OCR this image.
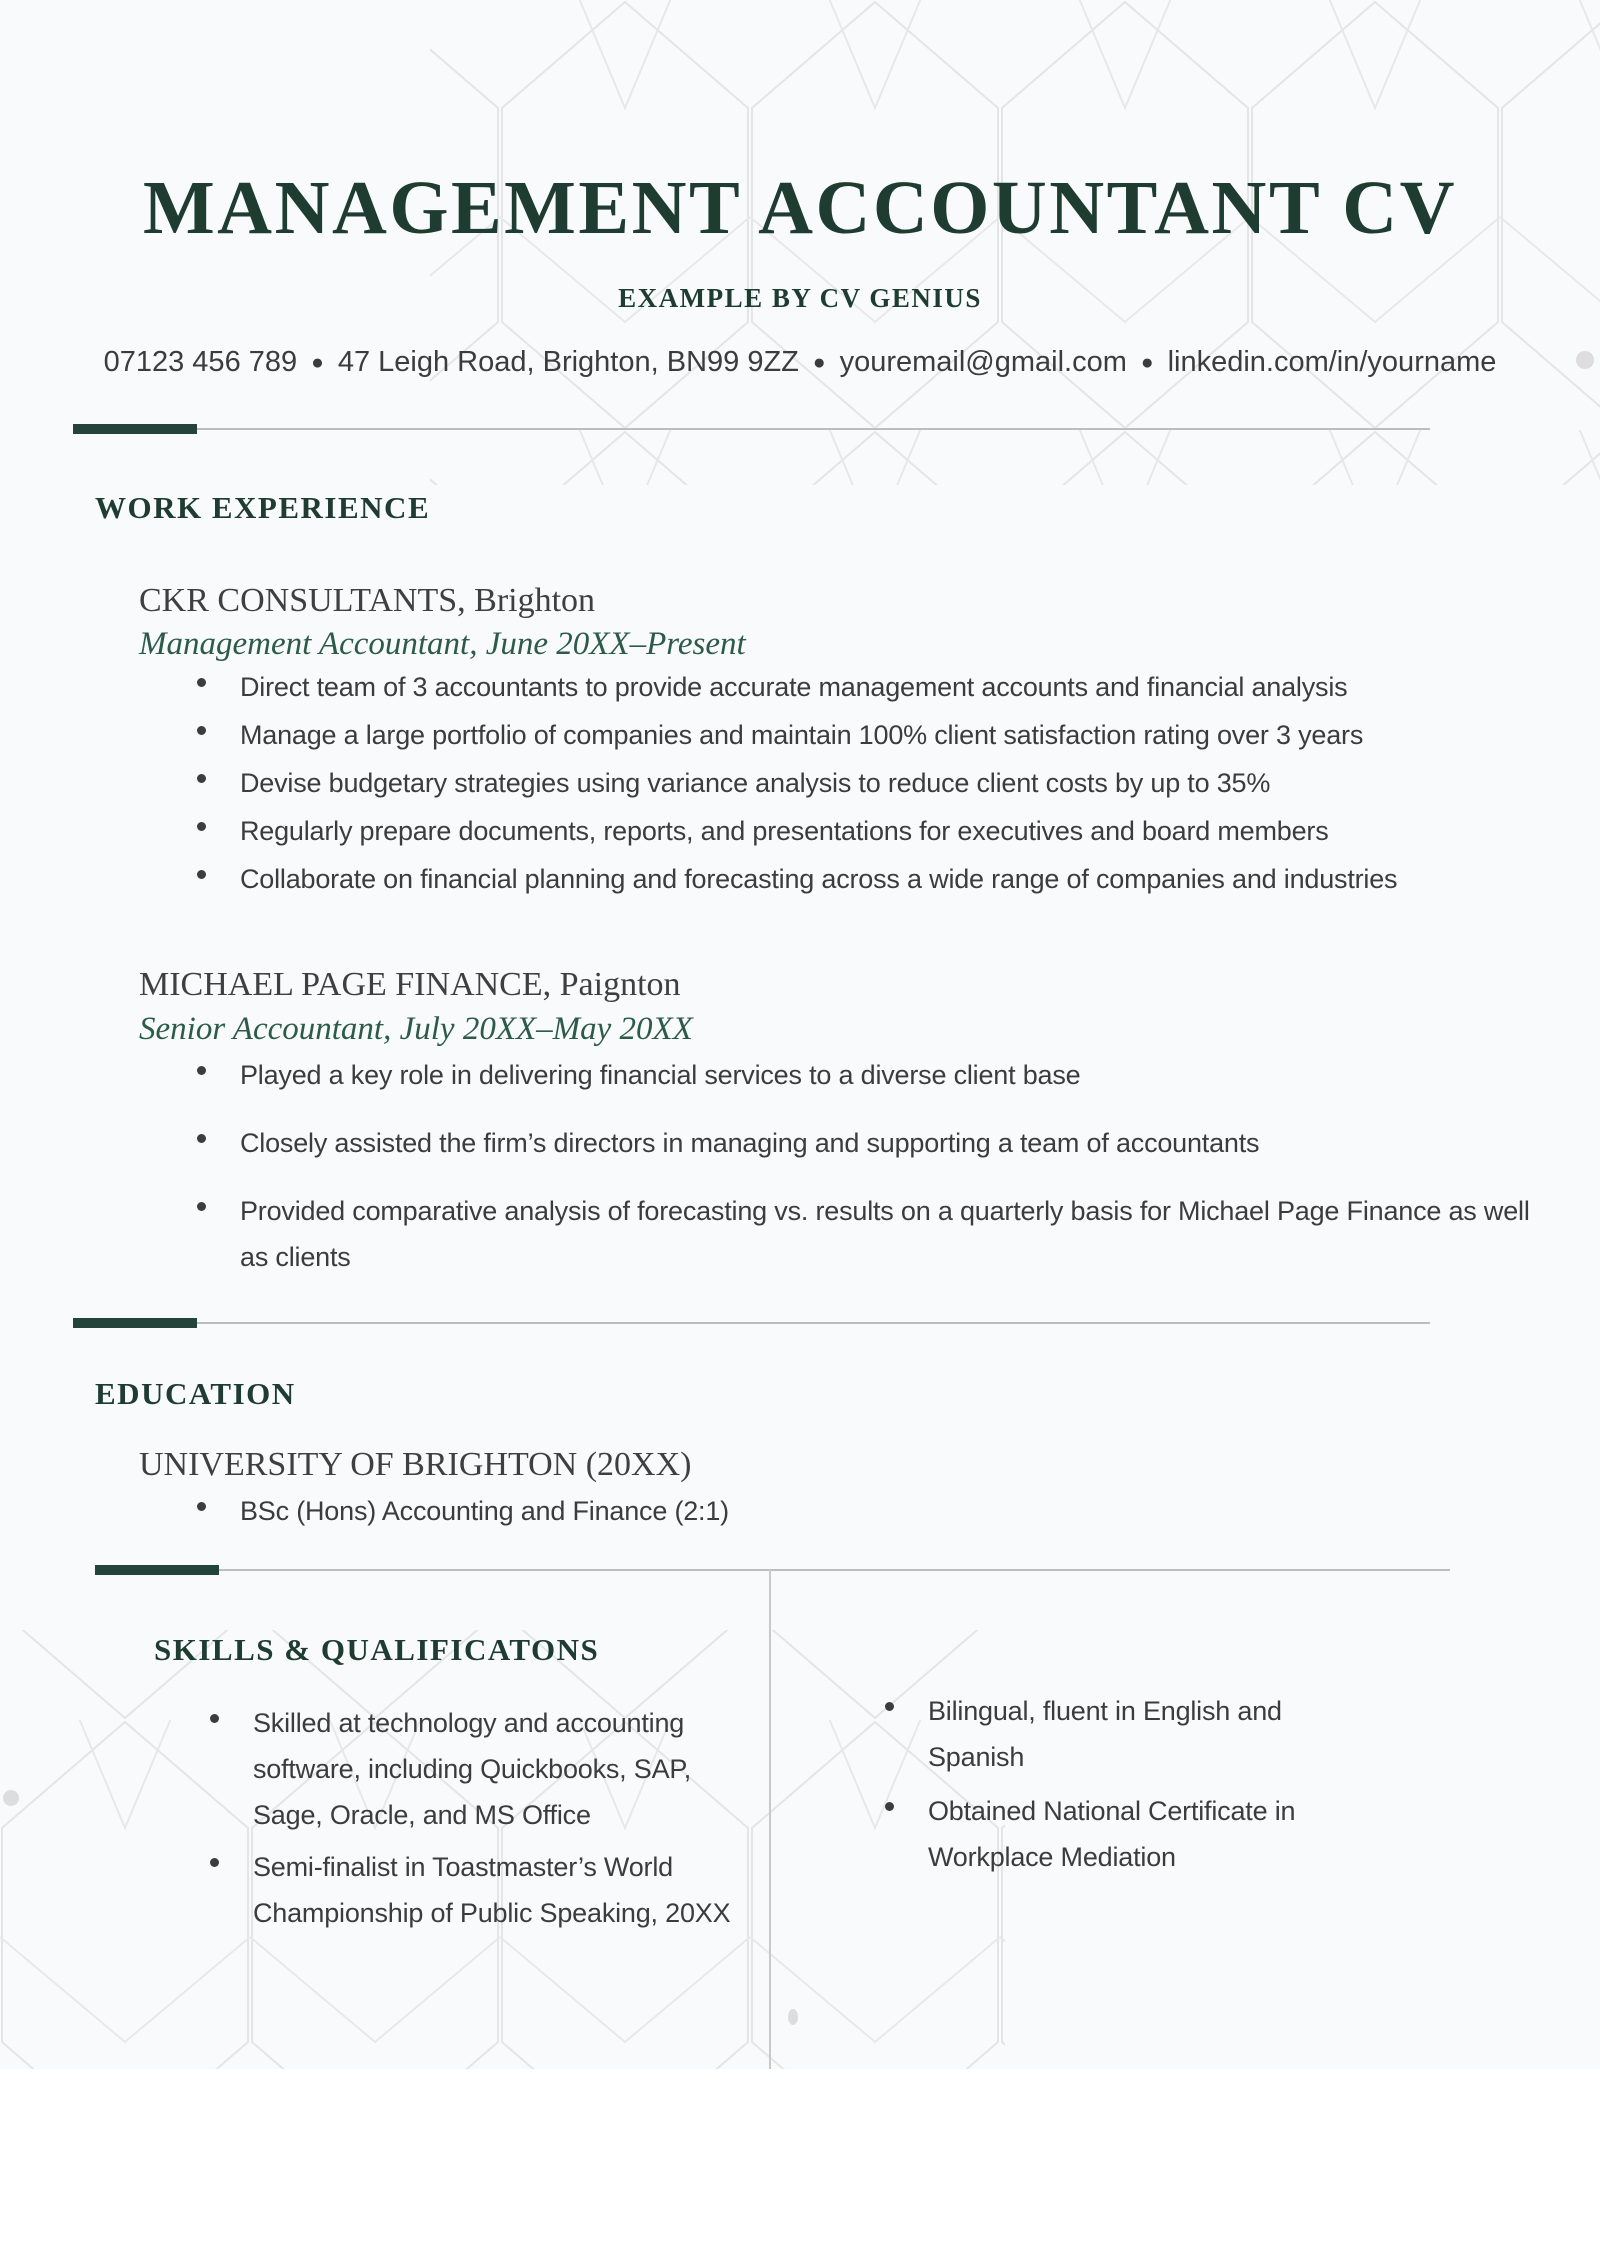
MANAGEMENT ACCOUNTANT CV
EXAMPLE BY CV GENIUS
07123 456 789 ● 47 Leigh Road, Brighton, BN99 9ZZ ● youremail@gmail.com ● linkedin.com/in/yourname
WORK EXPERIENCE
CKR CONSULTANTS, Brighton
Management Accountant, June 20XX–Present
Direct team of 3 accountants to provide accurate management accounts and financial analysis
Manage a large portfolio of companies and maintain 100% client satisfaction rating over 3 years
Devise budgetary strategies using variance analysis to reduce client costs by up to 35%
Regularly prepare documents, reports, and presentations for executives and board members
Collaborate on financial planning and forecasting across a wide range of companies and industries
MICHAEL PAGE FINANCE, Paignton
Senior Accountant, July 20XX–May 20XX
Played a key role in delivering financial services to a diverse client base
Closely assisted the firm’s directors in managing and supporting a team of accountants
Provided comparative analysis of forecasting vs. results on a quarterly basis for Michael Page Finance as well as clients
EDUCATION
UNIVERSITY OF BRIGHTON (20XX)
BSc (Hons) Accounting and Finance (2:1)
SKILLS & QUALIFICATONS
Skilled at technology and accounting software, including Quickbooks, SAP, Sage, Oracle, and MS Office
Semi-finalist in Toastmaster’s World Championship of Public Speaking, 20XX
Bilingual, fluent in English and Spanish
Obtained National Certificate in Workplace Mediation
